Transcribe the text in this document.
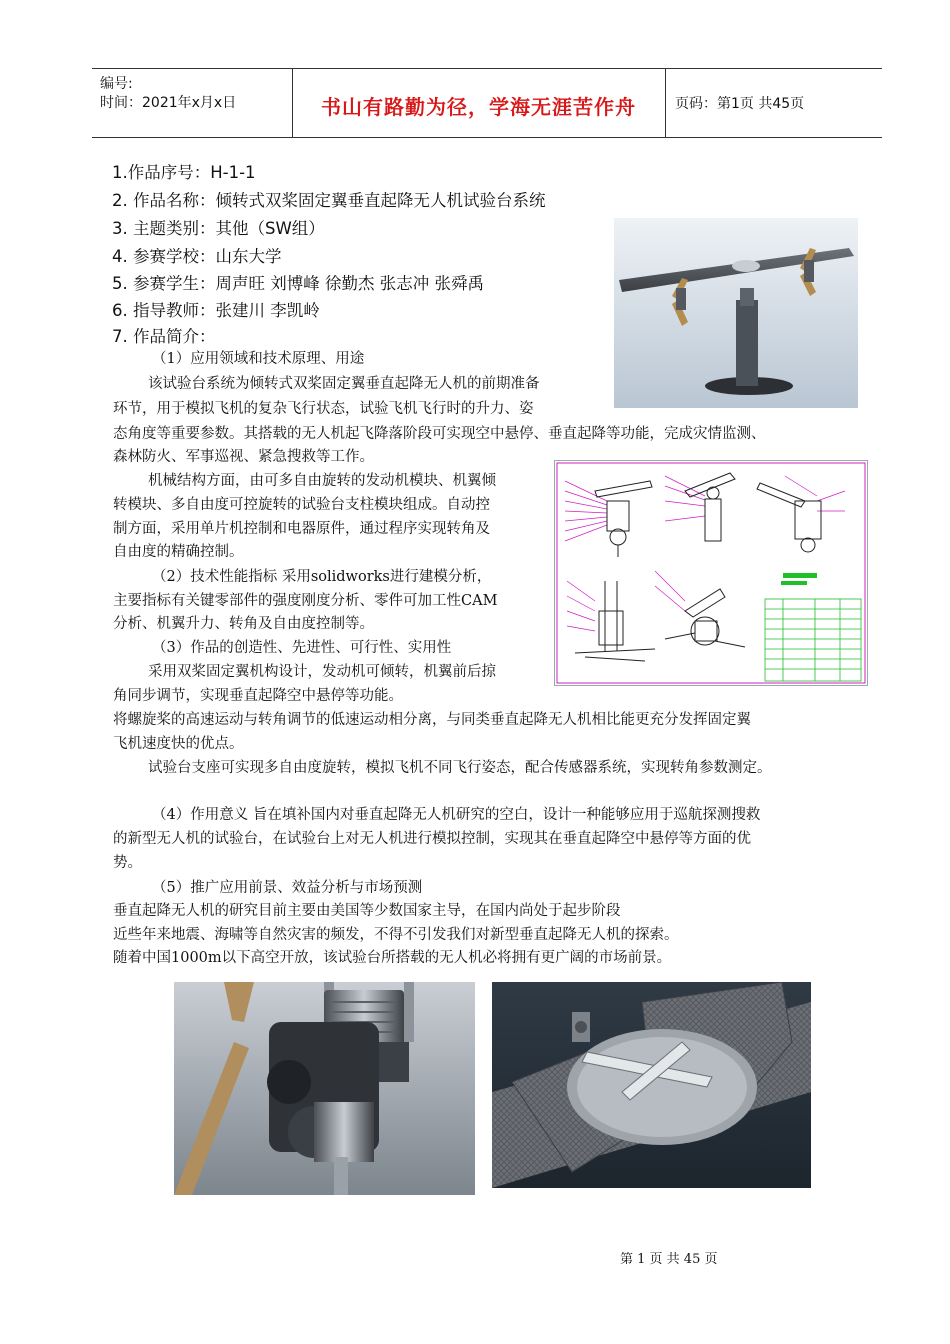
编号:
时间：2021年x月x日	书山有路勤为径，学海无涯苦作舟	页码：第1页 共45页
1.作品序号：H-1-1
2. 作品名称：倾转式双桨固定翼垂直起降无人机试验台系统
3. 主题类别：其他（SW组）
4. 参赛学校：山东大学
5. 参赛学生：周声旺 刘博峰 徐勤杰 张志冲 张舜禹
6. 指导教师：张建川 李凯岭
7. 作品简介：
（1）应用领域和技术原理、用途
该试验台系统为倾转式双桨固定翼垂直起降无人机的前期准备
环节，用于模拟飞机的复杂飞行状态，试验飞机飞行时的升力、姿
态角度等重要参数。其搭载的无人机起飞降落阶段可实现空中悬停、垂直起降等功能，完成灾情监测、
森林防火、军事巡视、紧急搜救等工作。
机械结构方面，由可多自由旋转的发动机模块、机翼倾
转模块、多自由度可控旋转的试验台支柱模块组成。自动控
制方面，采用单片机控制和电器原件，通过程序实现转角及
自由度的精确控制。
（2）技术性能指标 采用solidworks进行建模分析，
主要指标有关键零部件的强度刚度分析、零件可加工性CAM
分析、机翼升力、转角及自由度控制等。
（3）作品的创造性、先进性、可行性、实用性
采用双桨固定翼机构设计，发动机可倾转，机翼前后掠
角同步调节，实现垂直起降空中悬停等功能。
将螺旋桨的高速运动与转角调节的低速运动相分离，与同类垂直起降无人机相比能更充分发挥固定翼
飞机速度快的优点。
试验台支座可实现多自由度旋转，模拟飞机不同飞行姿态，配合传感器系统，实现转角参数测定。
（4）作用意义 旨在填补国内对垂直起降无人机研究的空白，设计一种能够应用于巡航探测搜救
的新型无人机的试验台，在试验台上对无人机进行模拟控制，实现其在垂直起降空中悬停等方面的优
势。
（5）推广应用前景、效益分析与市场预测
垂直起降无人机的研究目前主要由美国等少数国家主导，在国内尚处于起步阶段
近些年来地震、海啸等自然灾害的频发，不得不引发我们对新型垂直起降无人机的探索。
随着中国1000m以下高空开放，该试验台所搭载的无人机必将拥有更广阔的市场前景。
第 1 页 共 45 页
